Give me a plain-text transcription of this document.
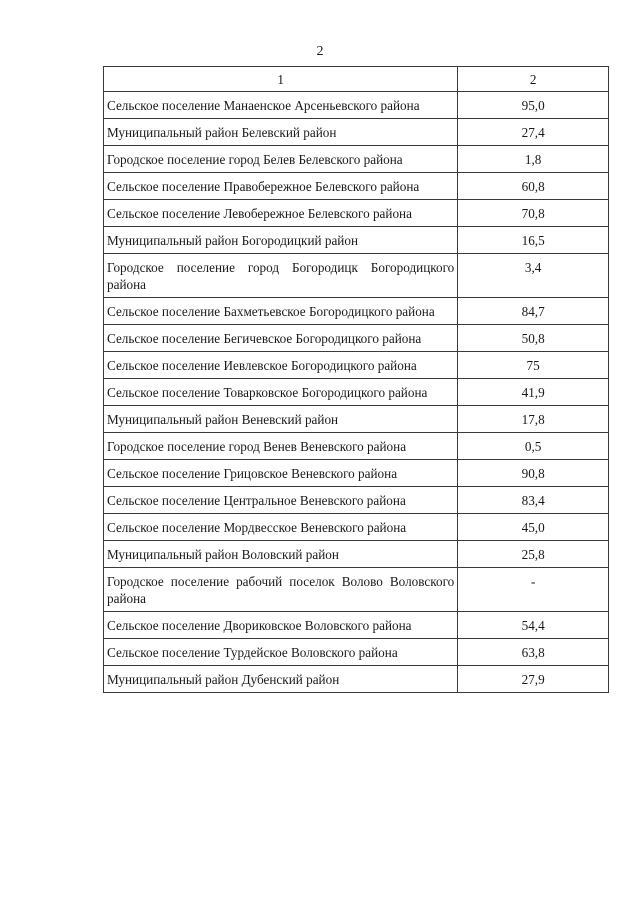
2
1	2
Сельское поселение Манаенское Арсеньевского района	95,0
Муниципальный район Белевский район	27,4
Городское поселение город Белев Белевского района	1,8
Сельское поселение Правобережное Белевского района	60,8
Сельское поселение Левобережное Белевского района	70,8
Муниципальный район Богородицкий район	16,5
Городское поселение город Богородицк Богородицкого района	3,4
Сельское поселение Бахметьевское Богородицкого района	84,7
Сельское поселение Бегичевское Богородицкого района	50,8
Сельское поселение Иевлевское Богородицкого района	75
Сельское поселение Товарковское Богородицкого района	41,9
Муниципальный район Веневский район	17,8
Городское поселение город Венев Веневского района	0,5
Сельское поселение Грицовское Веневского района	90,8
Сельское поселение Центральное Веневского района	83,4
Сельское поселение Мордвесское Веневского района	45,0
Муниципальный район Воловский район	25,8
Городское поселение рабочий поселок Волово Воловского района	-
Сельское поселение Двориковское Воловского района	54,4
Сельское поселение Турдейское Воловского района	63,8
Муниципальный район Дубенский район	27,9
